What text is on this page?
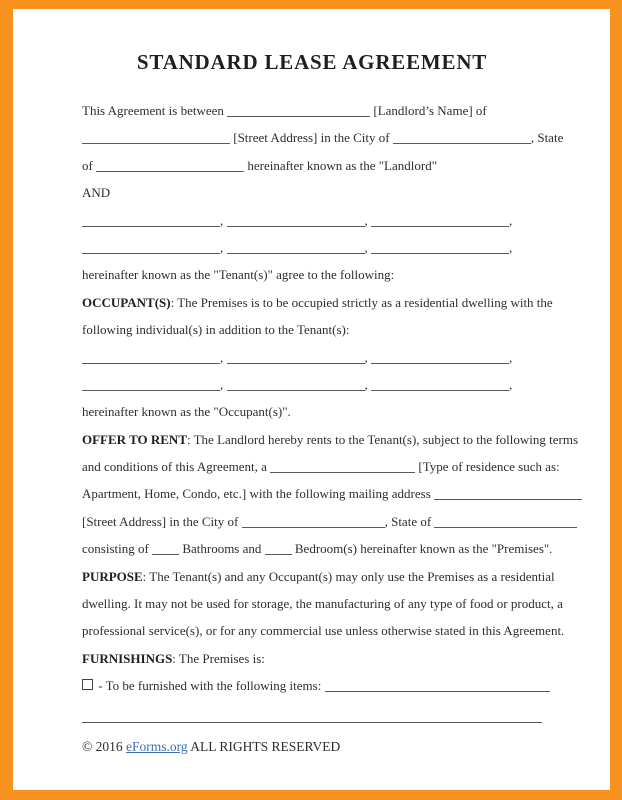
STANDARD LEASE AGREEMENT
This Agreement is between	[Landlord’s Name] of
[Street Address] in the City of	, State
of	hereinafter known as the "Landlord"
AND
,	,	,
,	,	,
hereinafter known as the "Tenant(s)" agree to the following:
OCCUPANT(S): The Premises is to be occupied strictly as a residential dwelling with the
following individual(s) in addition to the Tenant(s):
,	,	,
,	,	,
hereinafter known as the "Occupant(s)".
OFFER TO RENT: The Landlord hereby rents to the Tenant(s), subject to the following terms
and conditions of this Agreement, a	[Type of residence such as:
Apartment, Home, Condo, etc.] with the following mailing address
[Street Address] in the City of	, State of
consisting of  Bathrooms and  Bedroom(s) hereinafter known as the "Premises".
PURPOSE: The Tenant(s) and any Occupant(s) may only use the Premises as a residential
dwelling. It may not be used for storage, the manufacturing of any type of food or product, a
professional service(s), or for any commercial use unless otherwise stated in this Agreement.
FURNISHINGS: The Premises is:
- To be furnished with the following items:
© 2016 eForms.org ALL RIGHTS RESERVED
